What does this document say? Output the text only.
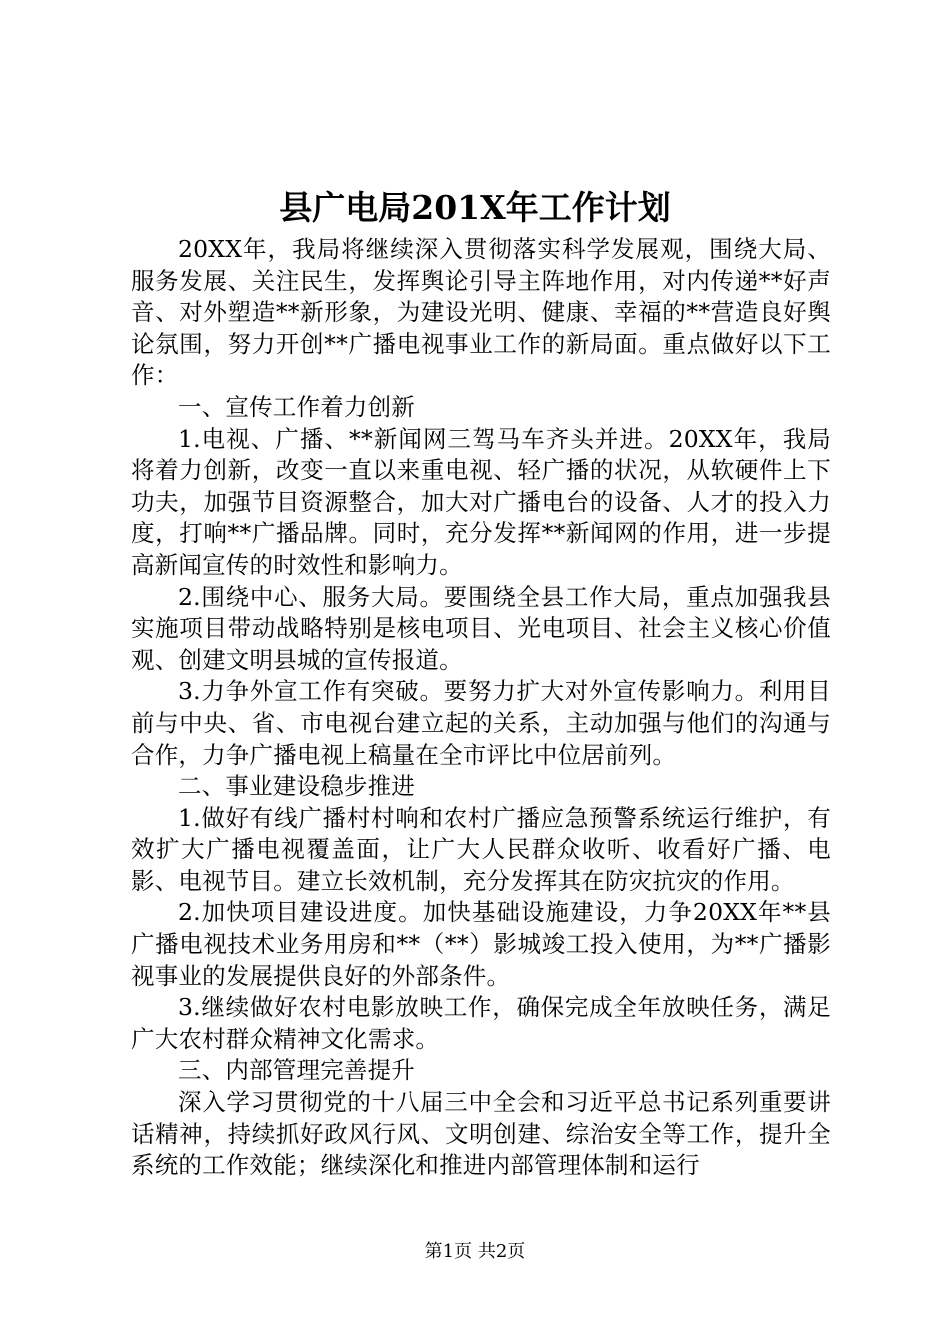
县广电局201X年工作计划

20XX年，我局将继续深入贯彻落实科学发展观，围绕大局、服务发展、关注民生，发挥舆论引导主阵地作用，对内传递**好声音、对外塑造**新形象，为建设光明、健康、幸福的**营造良好舆论氛围，努力开创**广播电视事业工作的新局面。重点做好以下工作：

一、宣传工作着力创新

1.电视、广播、**新闻网三驾马车齐头并进。20XX年，我局将着力创新，改变一直以来重电视、轻广播的状况，从软硬件上下功夫，加强节目资源整合，加大对广播电台的设备、人才的投入力度，打响**广播品牌。同时，充分发挥**新闻网的作用，进一步提高新闻宣传的时效性和影响力。

2.围绕中心、服务大局。要围绕全县工作大局，重点加强我县实施项目带动战略特别是核电项目、光电项目、社会主义核心价值观、创建文明县城的宣传报道。

3.力争外宣工作有突破。要努力扩大对外宣传影响力。利用目前与中央、省、市电视台建立起的关系，主动加强与他们的沟通与合作，力争广播电视上稿量在全市评比中位居前列。

二、事业建设稳步推进

1.做好有线广播村村响和农村广播应急预警系统运行维护，有效扩大广播电视覆盖面，让广大人民群众收听、收看好广播、电影、电视节目。建立长效机制，充分发挥其在防灾抗灾的作用。

2.加快项目建设进度。加快基础设施建设，力争20XX年**县广播电视技术业务用房和**（**）影城竣工投入使用，为**广播影视事业的发展提供良好的外部条件。

3.继续做好农村电影放映工作，确保完成全年放映任务，满足广大农村群众精神文化需求。

三、内部管理完善提升

深入学习贯彻党的十八届三中全会和习近平总书记系列重要讲话精神，持续抓好政风行风、文明创建、综治安全等工作，提升全系统的工作效能；继续深化和推进内部管理体制和运行

第1页 共2页
